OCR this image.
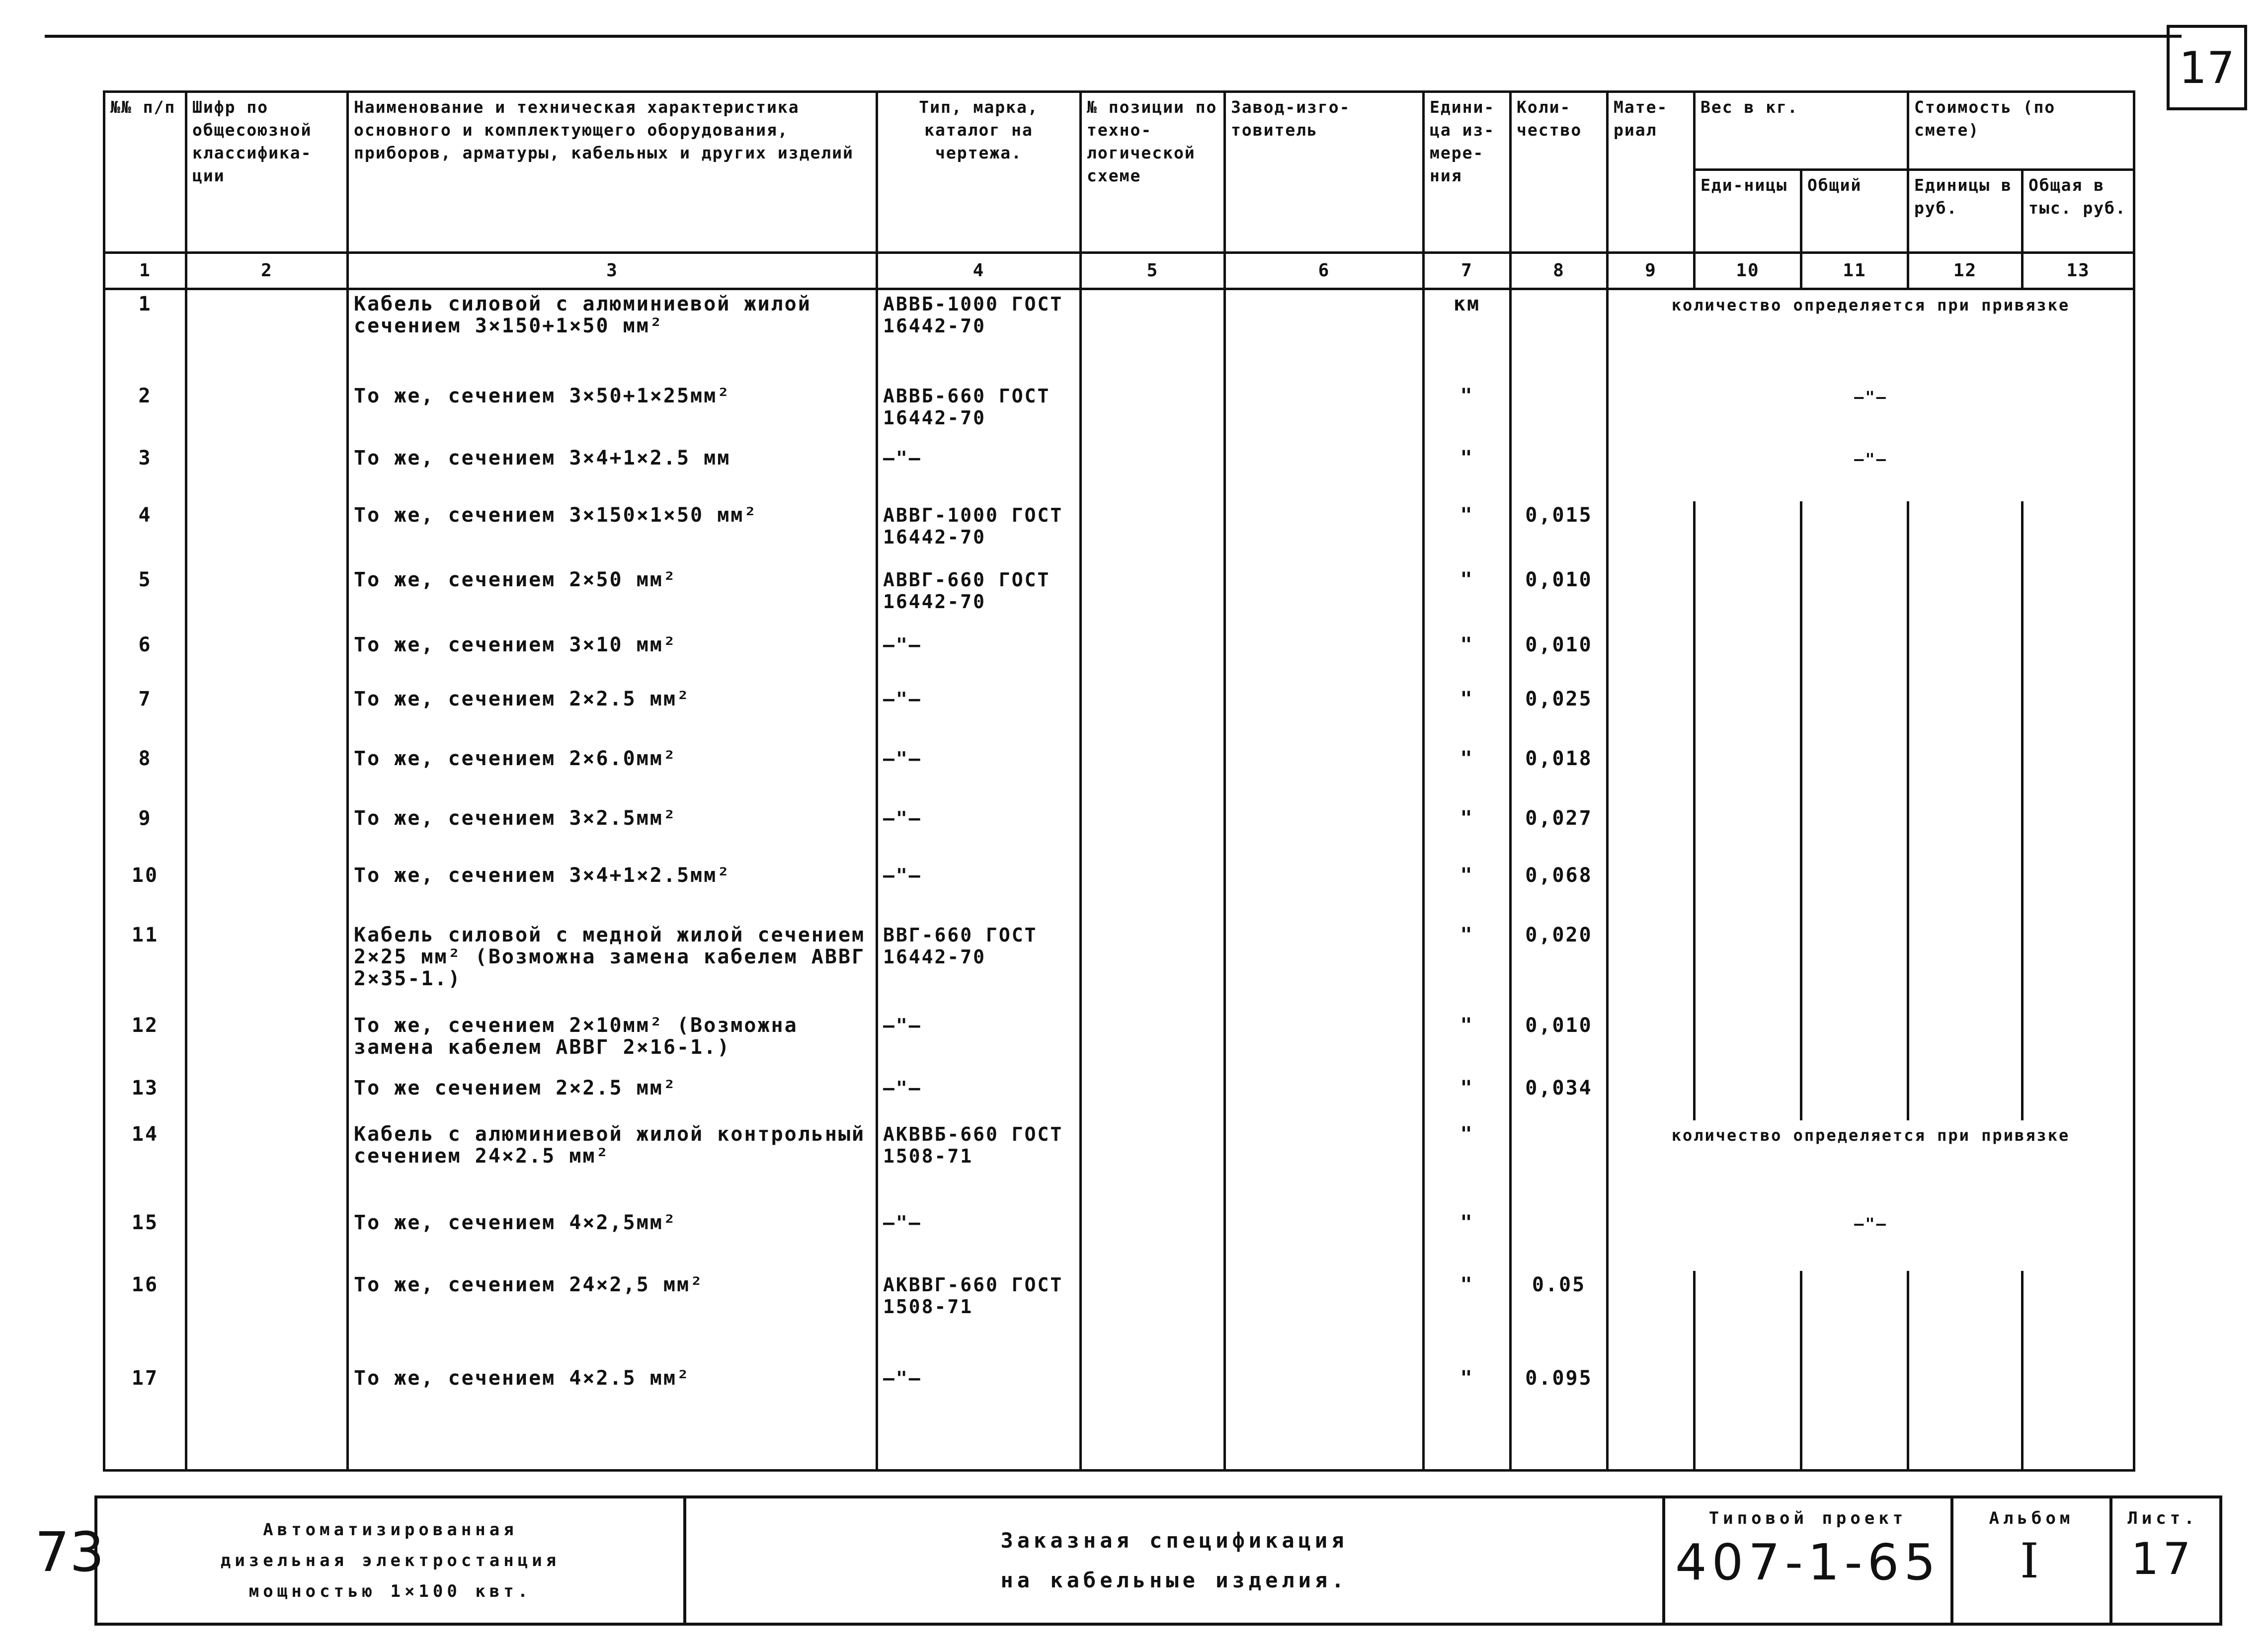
17
№№ п/п	Шифр по общесоюзной классифика-ции	Наименование и техническая характеристика основного и комплектующего оборудования, приборов, арматуры, кабельных и других изделий	Тип, марка, каталог на чертежа.	№ позиции по техно-логической схеме	Завод-изго-товитель	Едини-ца из-мере-ния	Коли-чество	Мате-риал	Вес в кг.		Стоимость (по смете)	
									Еди-ницы	Общий	Единицы в руб.	Общая в тыс. руб.
1	2	3	4	5	6	7	8	9	10	11	12	13
1		Кабель силовой с алюминиевой жилой сечением 3×150+1×50 мм²	АВВБ-1000 ГОСТ 16442-70			км		количество определяется при привязке				
2		То же, сечением 3×50+1×25мм²	АВВБ-660 ГОСТ 16442-70			"		—"—				
3		То же, сечением 3×4+1×2.5 мм	—"—			"		—"—				
4		То же, сечением 3×150×1×50 мм²	АВВГ-1000 ГОСТ 16442-70			"	0,015					
5		То же, сечением 2×50 мм²	АВВГ-660 ГОСТ 16442-70			"	0,010					
6		То же, сечением 3×10 мм²	—"—			"	0,010					
7		То же, сечением 2×2.5 мм²	—"—			"	0,025					
8		То же, сечением 2×6.0мм²	—"—			"	0,018					
9		То же, сечением 3×2.5мм²	—"—			"	0,027					
10		То же, сечением 3×4+1×2.5мм²	—"—			"	0,068					
11		Кабель силовой с медной жилой сечением 2×25 мм² (Возможна замена кабелем АВВГ 2×35-1.)	ВВГ-660 ГОСТ 16442-70			"	0,020					
12		То же, сечением 2×10мм² (Возможна замена кабелем АВВГ 2×16-1.)	—"—			"	0,010					
13		То же сечением 2×2.5 мм²	—"—			"	0,034					
14		Кабель с алюминиевой жилой контрольный сечением 24×2.5 мм²	АКВВБ-660 ГОСТ 1508-71			"		количество определяется при привязке				
15		То же, сечением 4×2,5мм²	—"—			"		—"—				
16		То же, сечением 24×2,5 мм²	АКВВГ-660 ГОСТ 1508-71			"	0.05					
17		То же, сечением 4×2.5 мм²	—"—			"	0.095					
73	Автоматизированная
дизельная электростанция
мощностью 1×100 квт.
Заказная спецификация
на кабельные изделия.
Типовой проект
407-1-65
Альбом
I
Лист.
17
